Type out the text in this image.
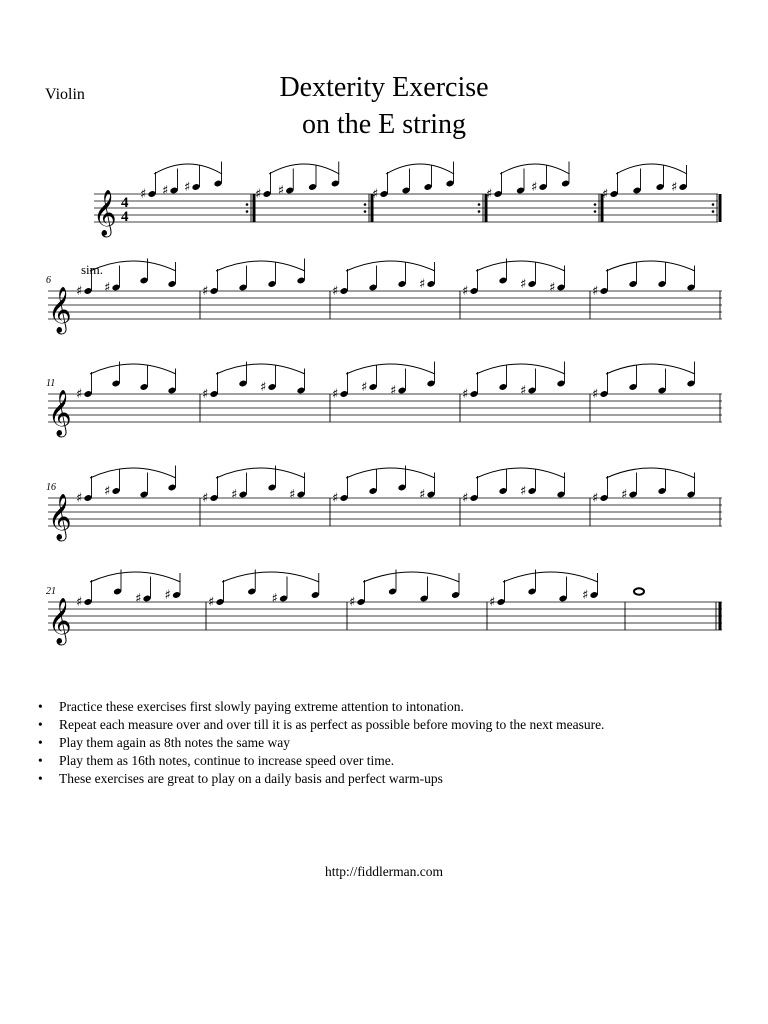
Violin	Dexterity Exercise
on the E string
𝄞 4
4
♯ ♯ ♯	♯ ♯	♯	♯	♯	♯	♯
𝄞
6
sim.
♯ ♯	♯	♯	♯	♯	♯ ♯	♯
𝄞
11
♯	♯	♯	♯ ♯ ♯	♯	♯	♯
𝄞
16
♯ ♯	♯ ♯	♯	♯	♯	♯	♯	♯ ♯
𝄞
21
♯	♯ ♯	♯	♯	♯	♯	♯
• Practice these exercises first slowly paying extreme attention to intonation.
• Repeat each measure over and over till it is as perfect as possible before moving to the next measure.
• Play them again as 8th notes the same way
• Play them as 16th notes, continue to increase speed over time.
• These exercises are great to play on a daily basis and perfect warm-ups
http://fiddlerman.com
